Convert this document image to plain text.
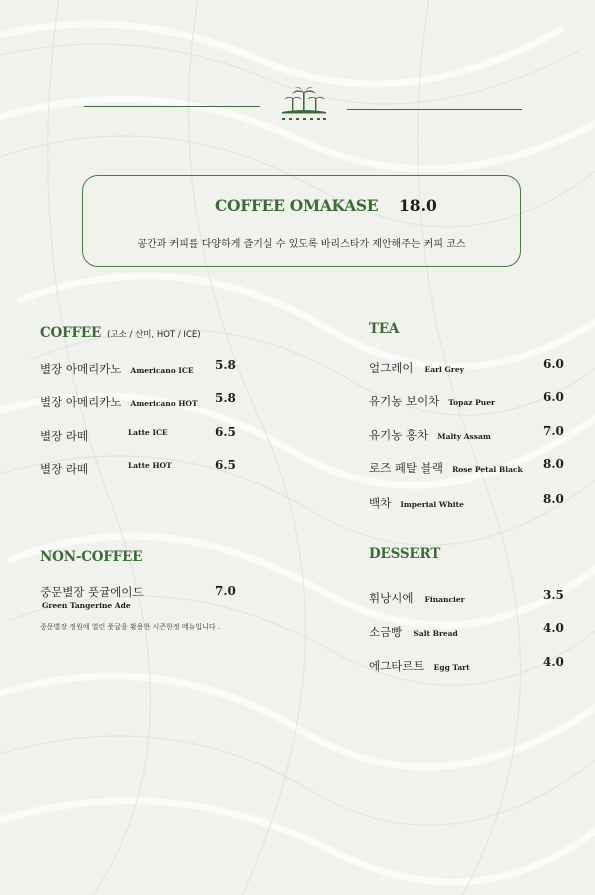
COFFEE OMAKASE 18.0
공간과 커피를 다양하게 즐기실 수 있도록 바리스타가 제안해주는 커피 코스
COFFEE (고소 / 산미, HOT / ICE)
별장 아메리카노 Americano ICE 5.8
별장 아메리카노 Americano HOT 5.8
별장 라떼	Latte ICE	6.5
별장 라떼	Latte HOT	6.5
NON-COFFEE
중문별장 풋귤에이드	7.0
Green Tangerine Ade
중문별장 정원에 열린 풋귤을 활용한 시즌한정 메뉴입니다 .
TEA
얼그레이 Earl Grey	6.0
유기농 보이차 Topaz Puer	6.0
유기농 홍차 Malty Assam	7.0
로즈 페탈 블랙 Rose Petal Black 8.0
백차 Imperial White	8.0
DESSERT
휘낭시에 Financier	3.5
소금빵 Salt Bread	4.0
에그타르트 Egg Tart	4.0
